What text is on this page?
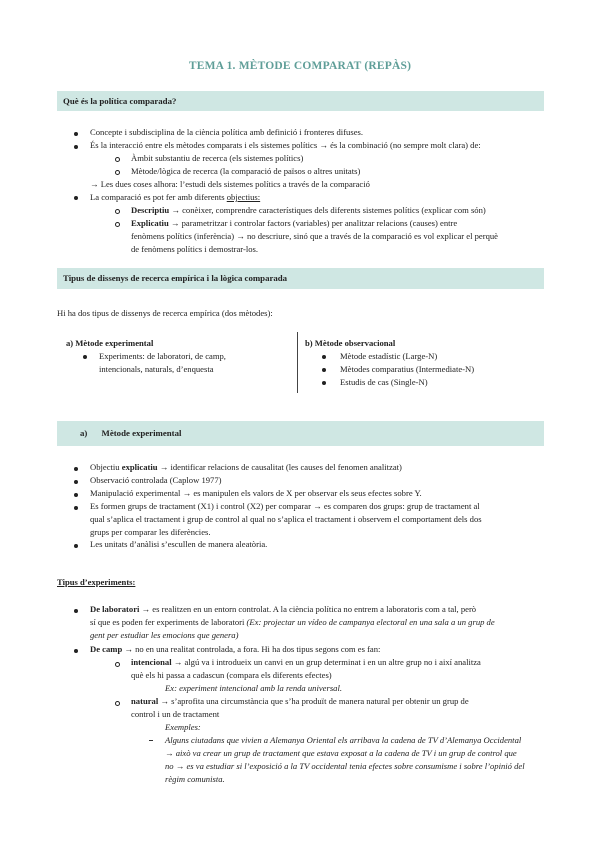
TEMA 1. MÈTODE COMPARAT (REPÀS)
Què és la política comparada?
Concepte i subdisciplina de la ciència política amb definició i fronteres difuses.
És la interacció entre els mètodes comparats i els sistemes polítics → és la combinació (no sempre molt clara) de:
Àmbit substantiu de recerca (els sistemes polítics)
Mètode/lògica de recerca (la comparació de països o altres unitats)
→ Les dues coses alhora: l’estudi dels sistemes polítics a través de la comparació
La comparació es pot fer amb diferents objectius:
Descriptiu → conèixer, comprendre característiques dels diferents sistemes polítics (explicar com són)
Explicatiu → parametritzar i controlar factors (variables) per analitzar relacions (causes) entre
fenòmens polítics (inferència) → no descriure, sinó que a través de la comparació es vol explicar el perquè
de fenòmens polítics i demostrar-los.
Tipus de dissenys de recerca empírica i la lògica comparada
Hi ha dos tipus de dissenys de recerca empírica (dos mètodes):
a) Mètode experimental
Experiments: de laboratori, de camp,
intencionals, naturals, d’enquesta
b) Mètode observacional
Mètode estadístic (Large-N)
Mètodes comparatius (Intermediate-N)
Estudis de cas (Single-N)
a) Mètode experimental
Objectiu explicatiu → identificar relacions de causalitat (les causes del fenomen analitzat)
Observació controlada (Caplow 1977)
Manipulació experimental → es manipulen els valors de X per observar els seus efectes sobre Y.
Es formen grups de tractament (X1) i control (X2) per comparar → es comparen dos grups: grup de tractament al
qual s’aplica el tractament i grup de control al qual no s’aplica el tractament i observem el comportament dels dos
grups per comparar les diferències.
Les unitats d’anàlisi s’escullen de manera aleatòria.
Tipus d’experiments:
De laboratori → es realitzen en un entorn controlat. A la ciència política no entrem a laboratoris com a tal, però
sí que es poden fer experiments de laboratori (Ex: projectar un vídeo de campanya electoral en una sala a un grup de
gent per estudiar les emocions que genera)
De camp → no en una realitat controlada, a fora. Hi ha dos tipus segons com es fan:
intencional → algú va i introdueix un canvi en un grup determinat i en un altre grup no i així analitza
què els hi passa a cadascun (compara els diferents efectes)
Ex: experiment intencional amb la renda universal.
natural → s’aprofita una circumstància que s’ha produït de manera natural per obtenir un grup de
control i un de tractament
Exemples:
Alguns ciutadans que vivien a Alemanya Oriental els arribava la cadena de TV d’Alemanya Occidental
→ això va crear un grup de tractament que estava exposat a la cadena de TV i un grup de control que
no → es va estudiar si l’exposició a la TV occidental tenia efectes sobre consumisme i sobre l’opinió del
règim comunista.
